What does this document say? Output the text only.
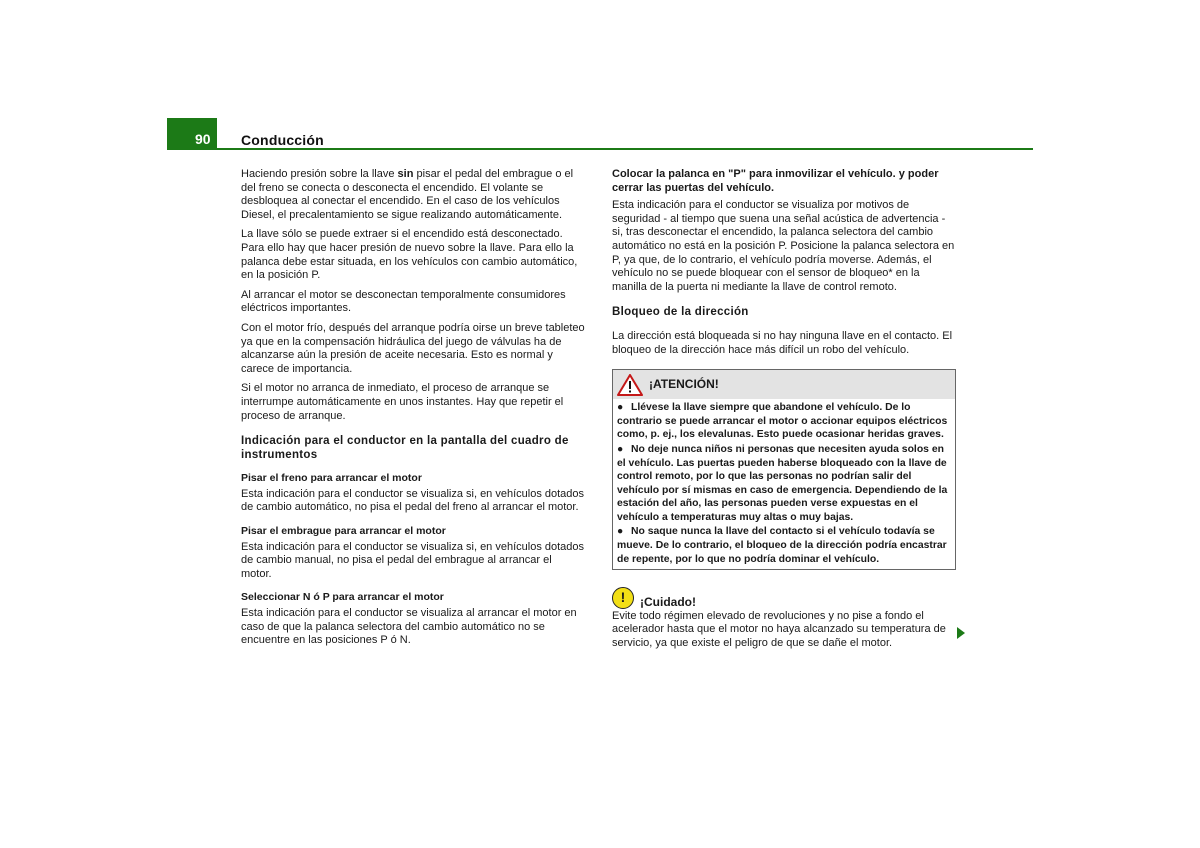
90	Conducción

Haciendo presión sobre la llave sin pisar el pedal del embrague o el del freno se conecta o desconecta el encendido. El volante se desbloquea al conectar el encendido. En el caso de los vehículos Diesel, el precalentamiento se sigue realizando automáticamente.

La llave sólo se puede extraer si el encendido está desconectado. Para ello hay que hacer presión de nuevo sobre la llave. Para ello la palanca debe estar situada, en los vehículos con cambio automático, en la posición P.

Al arrancar el motor se desconectan temporalmente consumidores eléctricos importantes.

Con el motor frío, después del arranque podría oirse un breve tableteo ya que en la compensación hidráulica del juego de válvulas ha de alcanzarse aún la presión de aceite necesaria. Esto es normal y carece de importancia.

Si el motor no arranca de inmediato, el proceso de arranque se interrumpe automáticamente en unos instantes. Hay que repetir el proceso de arranque.

Indicación para el conductor en la pantalla del cuadro de instrumentos
Pisar el freno para arrancar el motor

Esta indicación para el conductor se visualiza si, en vehículos dotados de cambio automático, no pisa el pedal del freno al arrancar el motor.

Pisar el embrague para arrancar el motor

Esta indicación para el conductor se visualiza si, en vehículos dotados de cambio manual, no pisa el pedal del embrague al arrancar el motor.

Seleccionar N ó P para arrancar el motor

Esta indicación para el conductor se visualiza al arrancar el motor en caso de que la palanca selectora del cambio automático no se encuentre en las posiciones P ó N.

Colocar la palanca en "P" para inmovilizar el vehículo. y poder cerrar las puertas del vehículo.

Esta indicación para el conductor se visualiza por motivos de seguridad - al tiempo que suena una señal acústica de advertencia - si, tras desconectar el encendido, la palanca selectora del cambio automático no está en la posición P. Posicione la palanca selectora en P, ya que, de lo contrario, el vehículo podría moverse. Además, el vehículo no se puede bloquear con el sensor de bloqueo* en la manilla de la puerta ni mediante la llave de control remoto.

Bloqueo de la dirección

La dirección está bloqueada si no hay ninguna llave en el contacto. El bloqueo de la dirección hace más difícil un robo del vehículo.

¡ATENCIÓN!
● Llévese la llave siempre que abandone el vehículo. De lo contrario se puede arrancar el motor o accionar equipos eléctricos como, p. ej., los elevalunas. Esto puede ocasionar heridas graves.
● No deje nunca niños ni personas que necesiten ayuda solos en el vehículo. Las puertas pueden haberse bloqueado con la llave de control remoto, por lo que las personas no podrían salir del vehículo por sí mismas en caso de emergencia. Dependiendo de la estación del año, las personas pueden verse expuestas en el vehículo a temperaturas muy altas o muy bajas.
● No saque nunca la llave del contacto si el vehículo todavía se mueve. De lo contrario, el bloqueo de la dirección podría encastrar de repente, por lo que no podría dominar el vehículo.
!	¡Cuidado!

Evite todo régimen elevado de revoluciones y no pise a fondo el acelerador hasta que el motor no haya alcanzado su temperatura de servicio, ya que existe el peligro de que se dañe el motor.
